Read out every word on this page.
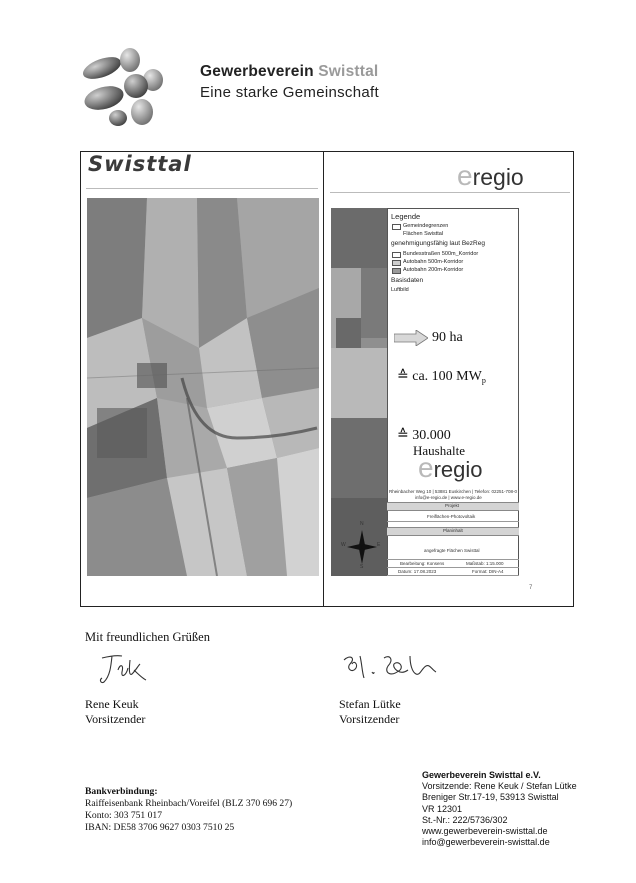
Gewerbeverein Swisttal
Eine starke Gemeinschaft
Swisttal	eregio
Legende
Gemeindegrenzen
Flächen Swisttal
genehmigungsfähig laut BezReg
Bundesstraßen 500m_Korridor
Autobahn 500m-Korridor
Autobahn 200m-Korridor
Basisdaten
Luftbild
90 ha
≙ ca. 100 $MW_p$
≙ 30.000
Haushalte
eregio
Rheinbacher Weg 10 | 53881 Euskirchen | Telefon: 02251-708-0
info@e-regio.de | www.e-regio.de
Projekt
Freiflächen-Photovoltaik
Planinhalt
angefragte Flächen Swisttal
Bearbeitung: Konsens	Maßstab: 1:15.000
Datum: 17.08.2023	Format: DIN-A4
N
S
E
W
7
Mit freundlichen Grüßen
Rene Keuk
Vorsitzender
Stefan Lütke
Vorsitzender
Bankverbindung:
Raiffeisenbank Rheinbach/Voreifel (BLZ 370 696 27)
Konto: 303 751 017
IBAN: DE58 3706 9627 0303 7510 25
Gewerbeverein Swisttal e.V.
Vorsitzende: Rene Keuk / Stefan Lütke
Breniger Str.17-19, 53913 Swisttal
VR 12301
St.-Nr.: 222/5736/302
www.gewerbeverein-swisttal.de
info@gewerbeverein-swisttal.de
